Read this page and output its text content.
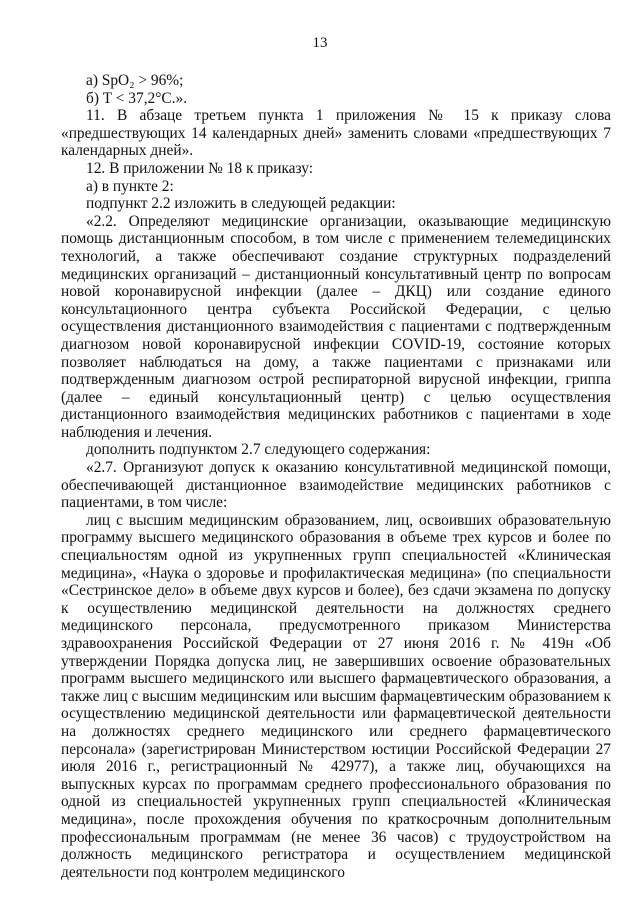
13

а) SpO₂ > 96%;

б) T < 37,2°С.».

11. В абзаце третьем пункта 1 приложения № 15 к приказу слова «предшествующих 14 календарных дней» заменить словами «предшествующих 7 календарных дней».

12. В приложении № 18 к приказу:

а) в пункте 2:

подпункт 2.2 изложить в следующей редакции:

«2.2. Определяют медицинские организации, оказывающие медицинскую помощь дистанционным способом, в том числе с применением телемедицинских технологий, а также обеспечивают создание структурных подразделений медицинских организаций – дистанционный консультативный центр по вопросам новой коронавирусной инфекции (далее – ДКЦ) или создание единого консультационного центра субъекта Российской Федерации, с целью осуществления дистанционного взаимодействия с пациентами с подтвержденным диагнозом новой коронавирусной инфекции COVID-19, состояние которых позволяет наблюдаться на дому, а также пациентами с признаками или подтвержденным диагнозом острой респираторной вирусной инфекции, гриппа (далее – единый консультационный центр) с целью осуществления дистанционного взаимодействия медицинских работников с пациентами в ходе наблюдения и лечения.

дополнить подпунктом 2.7 следующего содержания:

«2.7. Организуют допуск к оказанию консультативной медицинской помощи, обеспечивающей дистанционное взаимодействие медицинских работников с пациентами, в том числе:

лиц с высшим медицинским образованием, лиц, освоивших образовательную программу высшего медицинского образования в объеме трех курсов и более по специальностям одной из укрупненных групп специальностей «Клиническая медицина», «Наука о здоровье и профилактическая медицина» (по специальности «Сестринское дело» в объеме двух курсов и более), без сдачи экзамена по допуску к осуществлению медицинской деятельности на должностях среднего медицинского персонала, предусмотренного приказом Министерства здравоохранения Российской Федерации от 27 июня 2016 г. № 419н «Об утверждении Порядка допуска лиц, не завершивших освоение образовательных программ высшего медицинского или высшего фармацевтического образования, а также лиц с высшим медицинским или высшим фармацевтическим образованием к осуществлению медицинской деятельности или фармацевтической деятельности на должностях среднего медицинского или среднего фармацевтического персонала» (зарегистрирован Министерством юстиции Российской Федерации 27 июля 2016 г., регистрационный № 42977), а также лиц, обучающихся на выпускных курсах по программам среднего профессионального образования по одной из специальностей укрупненных групп специальностей «Клиническая медицина», после прохождения обучения по краткосрочным дополнительным профессиональным программам (не менее 36 часов) с трудоустройством на должность медицинского регистратора и осуществлением медицинской деятельности под контролем медицинского
